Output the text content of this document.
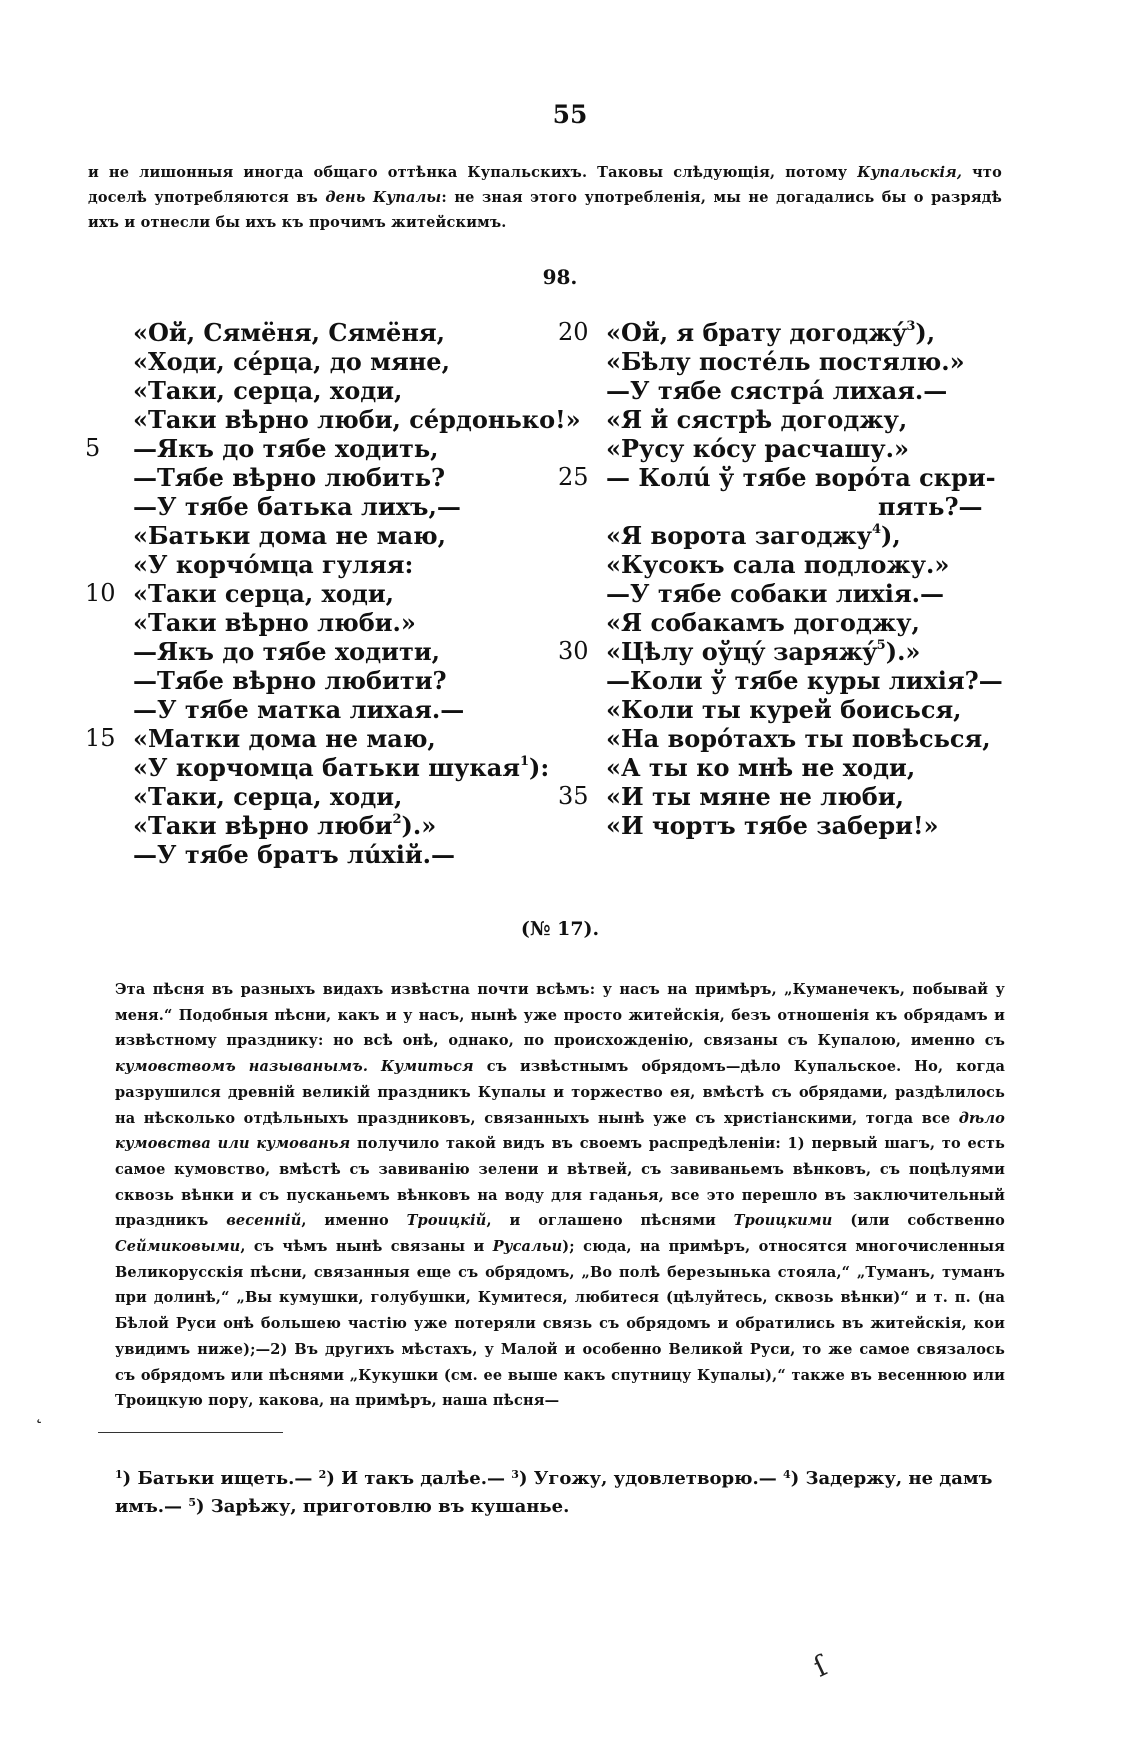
55
и не лишонныя иногда общаго оттѣнка Купальскихъ. Таковы слѣдующія, потому Купальскія, что доселѣ употребляются въ день Купалы: не зная этого употребленія, мы не догадались бы о разрядѣ ихъ и отнесли бы ихъ къ прочимъ житейскимъ.
98.
«Ой, Сямёня, Сямёня,
«Ходи, сéрца, до мяне,
«Таки, серца, ходи,
«Таки вѣрно люби, сéрдонько!»
5	—Якъ до тябе ходить,
—Тябе вѣрно любить?
—У тябе батька лихъ,—
«Батьки дома не маю,
«У корчóмца гуляя:
10 «Таки серца, ходи,
«Таки вѣрно люби.»
—Якъ до тябе ходити,
—Тябе вѣрно любити?
—У тябе матка лихая.—
15 «Матки дома не маю,
«У корчомца батьки шукая$^1$):
«Таки, серца, ходи,
«Таки вѣрно люби$^2$).»
—У тябе братъ лúхій.—
20 «Ой, я брату догоджý$^3$),
«Бѣлу постéль постялю.»
—У тябе сястрá лихая.—
«Я й сястрѣ догоджу,
«Русу кóсу расчашу.»
25 — Колú ў тябе ворóта скри-
пять?—
«Я ворота загоджу$^4$),
«Кусокъ сала подложу.»
—У тябе собаки лихія.—
«Я собакамъ догоджу,
30 «Цѣлу оўцý заряжý$^5$).»
—Коли ў тябе куры лихія?—
«Коли ты курей боисься,
«На ворóтахъ ты повѣсься,
«А ты ко мнѣ не ходи,
35 «И ты мяне не люби,
«И чортъ тябе забери!»
(№ 17).
Эта пѣсня въ разныхъ видахъ извѣстна почти всѣмъ: у насъ на примѣръ, „Куманечекъ, побывай у меня.“ Подобныя пѣсни, какъ и у насъ, нынѣ уже просто житейскія, безъ отношенія къ обрядамъ и извѣстному празднику: но всѣ онѣ, однако, по происхожденію, связаны съ Купалою, именно съ кумовствомъ называнымъ. Кумиться съ извѣстнымъ обрядомъ—дѣло Купальское. Но, когда разрушился древній великій праздникъ Купалы и торжество ея, вмѣстѣ съ обрядами, раздѣлилось на нѣсколько отдѣльныхъ праздниковъ, связанныхъ нынѣ уже съ христіанскими, тогда все дѣло кумовства или кумованья получило такой видъ въ своемъ распредѣленіи: 1) первый шагъ, то есть самое кумовство, вмѣстѣ съ завиванію зелени и вѣтвей, съ завиваньемъ вѣнковъ, съ поцѣлуями сквозь вѣнки и съ пусканьемъ вѣнковъ на воду для гаданья, все это перешло въ заключительный праздникъ весенній, именно Троицкій, и оглашено пѣснями Троицкими (или собственно Сеймиковыми, съ чѣмъ нынѣ связаны и Русальи); сюда, на примѣръ, относятся многочисленныя Великорусскія пѣсни, связанныя еще съ обрядомъ, „Во полѣ березынька стояла,“ „Туманъ, туманъ при долинѣ,“ „Вы кумушки, голубушки, Кумитеся, любитеся (цѣлуйтесь, сквозь вѣнки)“ и т. п. (на Бѣлой Руси онѣ большею частію уже потеряли связь съ обрядомъ и обратились въ житейскія, кои увидимъ ниже);—2) Въ другихъ мѣстахъ, у Малой и особенно Великой Руси, то же самое связалось съ обрядомъ или пѣснями „Кукушки (см. ее выше какъ спутницу Купалы),“ также въ весеннюю или Троицкую пору, какова, на примѣръ, наша пѣсня—
$^1$) Батьки ищеть.— $^2$) И такъ далѣе.— $^3$) Угожу, удовлетворю.— $^4$) Задержу, не дамъ имъ.— $^5$) Зарѣжу, приготовлю въ кушанье.
˛
ſ
